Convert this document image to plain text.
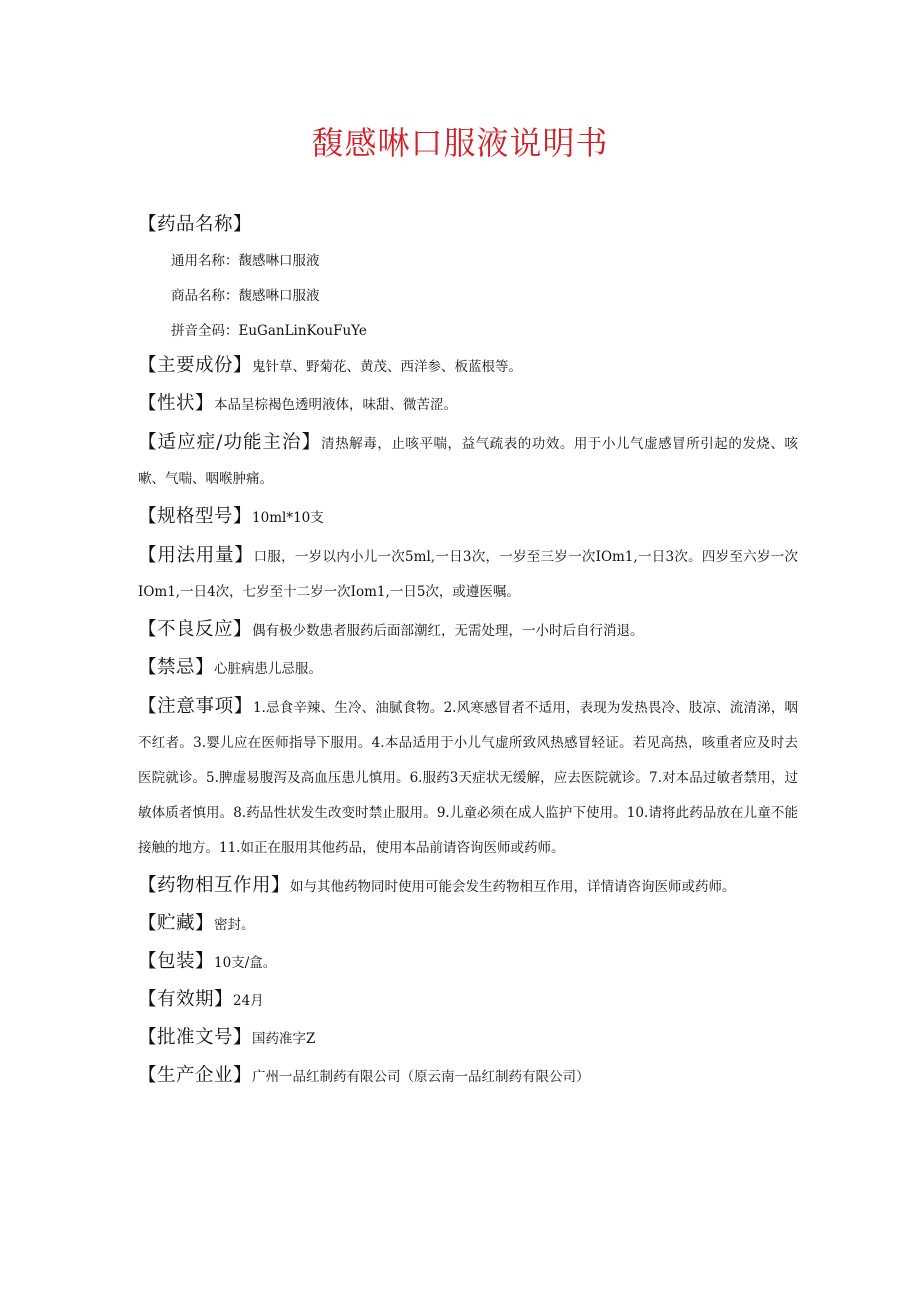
馥感啉口服液说明书
【药品名称】
通用名称：馥感啉口服液
商品名称：馥感啉口服液
拼音全码：EuGanLinKouFuYe

【主要成份】鬼针草、野菊花、黄茂、西洋参、板蓝根等。

【性状】本品呈棕褐色透明液体，味甜、微苦涩。

【适应症/功能主治】清热解毒，止咳平喘，益气疏表的功效。用于小儿气虚感冒所引起的发烧、咳嗽、气喘、咽喉肿痛。

【规格型号】10ml*10支

【用法用量】口服，一岁以内小儿一次5ml,一日3次，一岁至三岁一次IOm1,一日3次。四岁至六岁一次IOm1,一日4次，七岁至十二岁一次Iom1,一日5次，或遵医嘱。

【不良反应】偶有极少数患者服药后面部潮红，无需处理，一小时后自行消退。

【禁忌】心脏病患儿忌服。

【注意事项】1.忌食辛辣、生冷、油腻食物。2.风寒感冒者不适用，表现为发热畏冷、肢凉、流清涕，咽不红者。3.婴儿应在医师指导下服用。4.本品适用于小儿气虚所致风热感冒轻证。若见高热，咳重者应及时去医院就诊。5.脾虚易腹泻及高血压患儿慎用。6.服药3天症状无缓解，应去医院就诊。7.对本品过敏者禁用，过敏体质者慎用。8.药品性状发生改变时禁止服用。9.儿童必须在成人监护下使用。10.请将此药品放在儿童不能接触的地方。11.如正在服用其他药品，使用本品前请咨询医师或药师。

【药物相互作用】如与其他药物同时使用可能会发生药物相互作用，详情请咨询医师或药师。

【贮藏】密封。

【包装】10支/盒。

【有效期】24月

【批准文号】国药准字Z

【生产企业】广州一品红制药有限公司（原云南一品红制药有限公司）
